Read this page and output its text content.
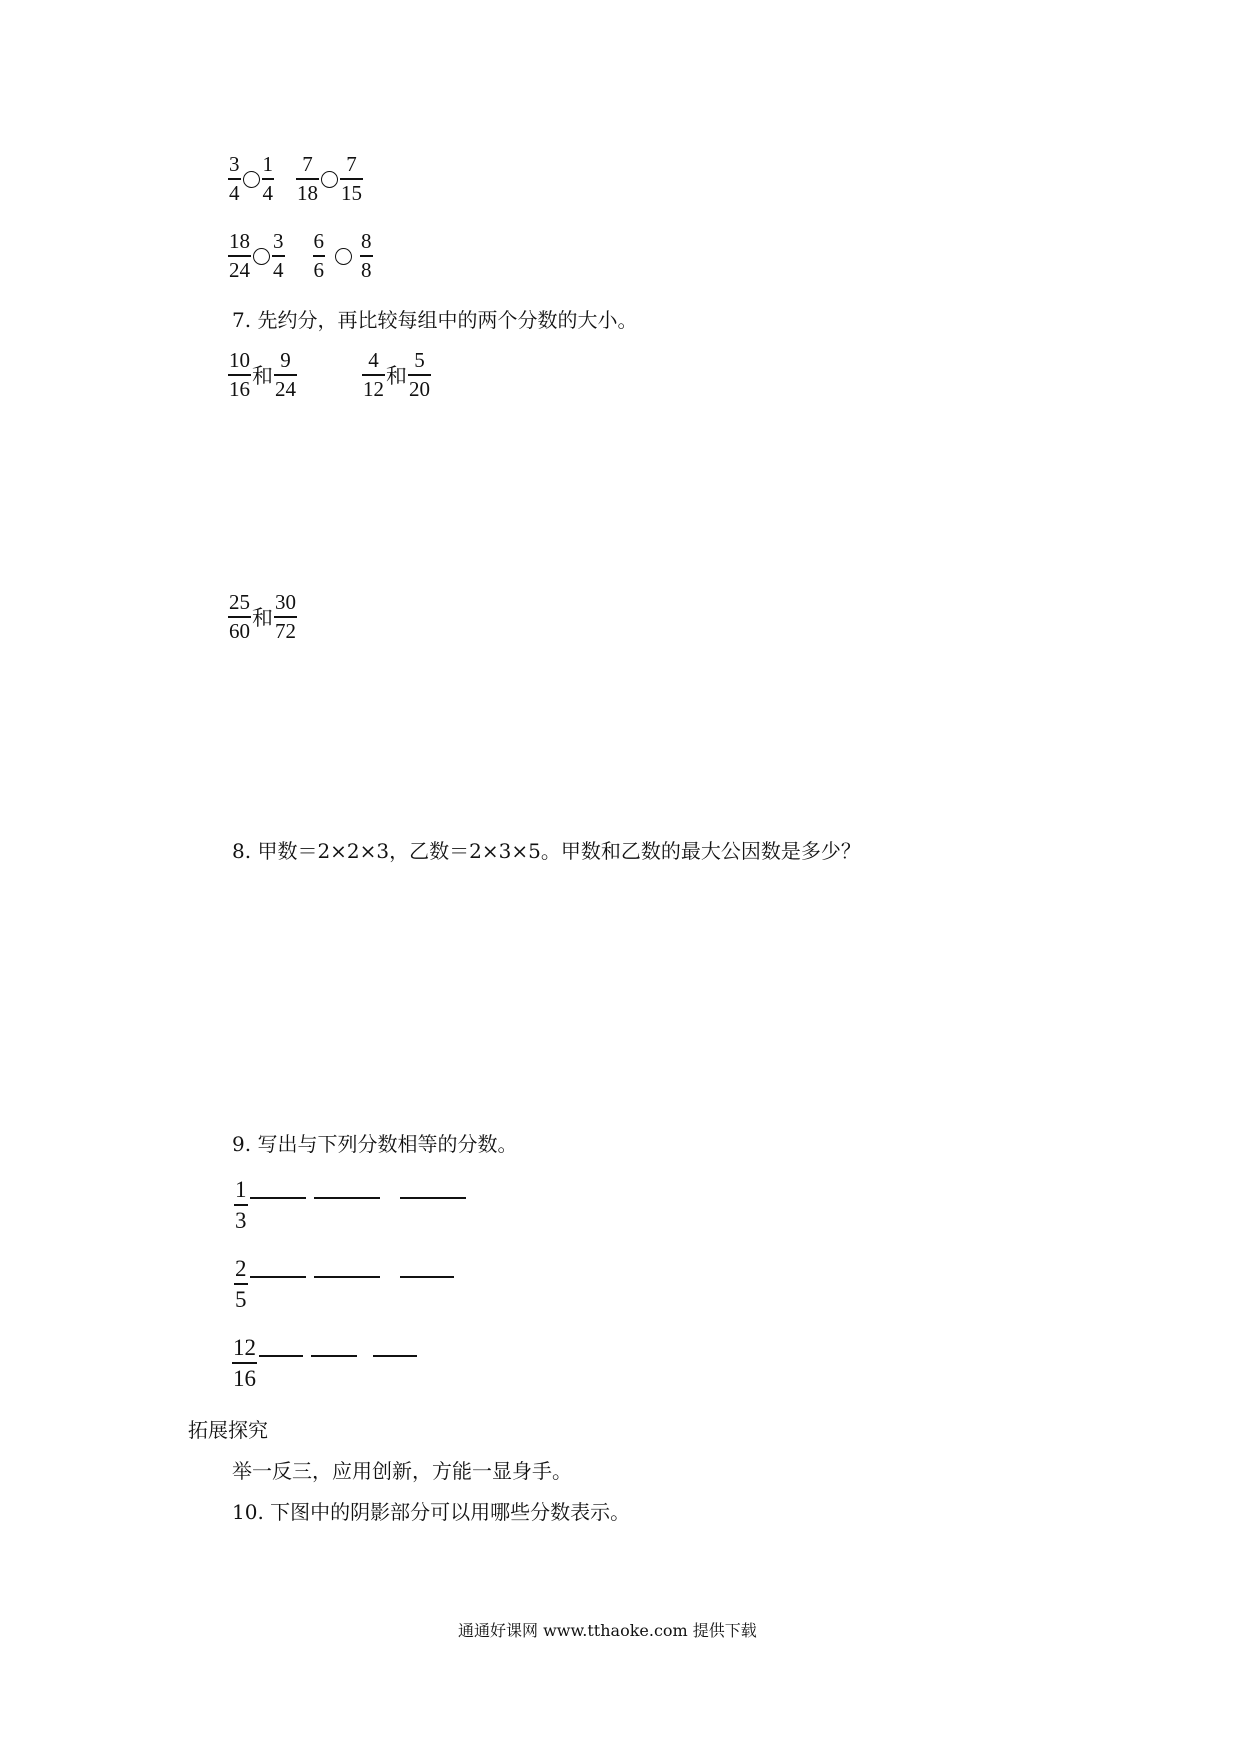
$\frac{3}{4} \frac{1}{4} \frac{7}{18} \frac{7}{15}$
$\frac{18}{24} \frac{3}{4} \frac{6}{6} \frac{8}{8}$
7. 先约分，再比较每组中的两个分数的大小。
$\frac{10}{16}$ 和 $\frac{9}{24}$	$\frac{4}{12}$ 和 $\frac{5}{20}$
$\frac{25}{60}$ 和 $\frac{30}{72}$
8. 甲数＝2×2×3，乙数＝2×3×5。甲数和乙数的最大公因数是多少？
9. 写出与下列分数相等的分数。
$\frac{1}{3}$
$\frac{2}{5}$
$\frac{12}{16}$
拓展探究
举一反三，应用创新，方能一显身手。
10. 下图中的阴影部分可以用哪些分数表示。
通通好课网 www.tthaoke.com 提供下载
